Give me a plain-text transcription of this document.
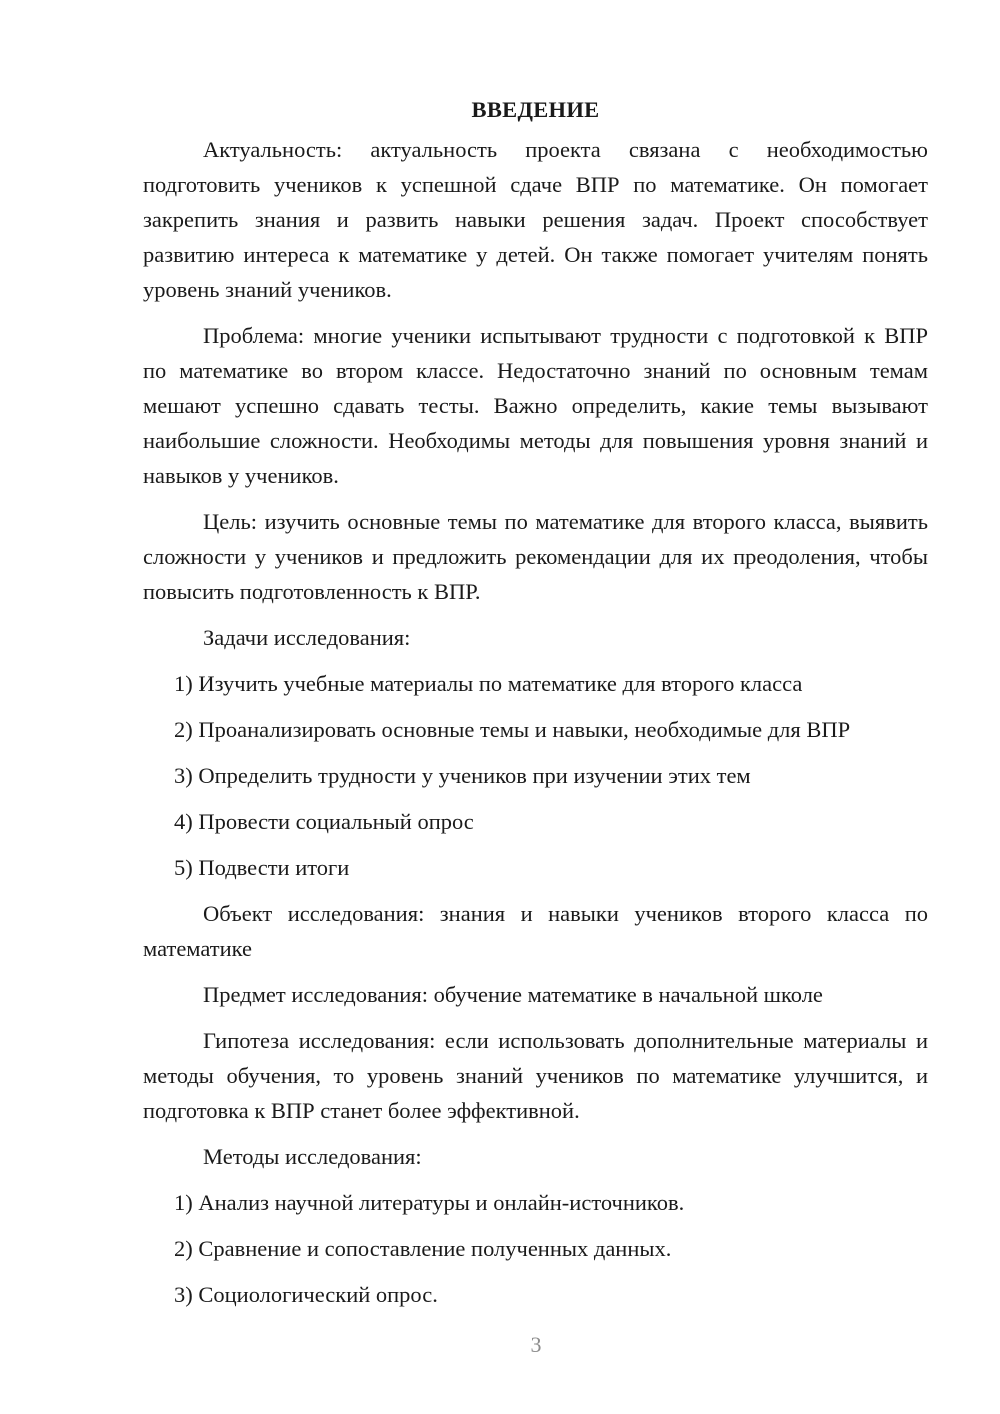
ВВЕДЕНИЕ

Актуальность: актуальность проекта связана с необходимостью подготовить учеников к успешной сдаче ВПР по математике. Он помогает закрепить знания и развить навыки решения задач. Проект способствует развитию интереса к математике у детей. Он также помогает учителям понять уровень знаний учеников.

Проблема: многие ученики испытывают трудности с подготовкой к ВПР по математике во втором классе. Недостаточно знаний по основным темам мешают успешно сдавать тесты. Важно определить, какие темы вызывают наибольшие сложности. Необходимы методы для повышения уровня знаний и навыков у учеников.

Цель: изучить основные темы по математике для второго класса, выявить сложности у учеников и предложить рекомендации для их преодоления, чтобы повысить подготовленность к ВПР.

Задачи исследования:

1) Изучить учебные материалы по математике для второго класса

2) Проанализировать основные темы и навыки, необходимые для ВПР

3) Определить трудности у учеников при изучении этих тем

4) Провести социальный опрос

5) Подвести итоги

Объект исследования: знания и навыки учеников второго класса по математике

Предмет исследования: обучение математике в начальной школе

Гипотеза исследования: если использовать дополнительные материалы и методы обучения, то уровень знаний учеников по математике улучшится, и подготовка к ВПР станет более эффективной.

Методы исследования:

1) Анализ научной литературы и онлайн-источников.

2) Сравнение и сопоставление полученных данных.

3) Социологический опрос.

3
